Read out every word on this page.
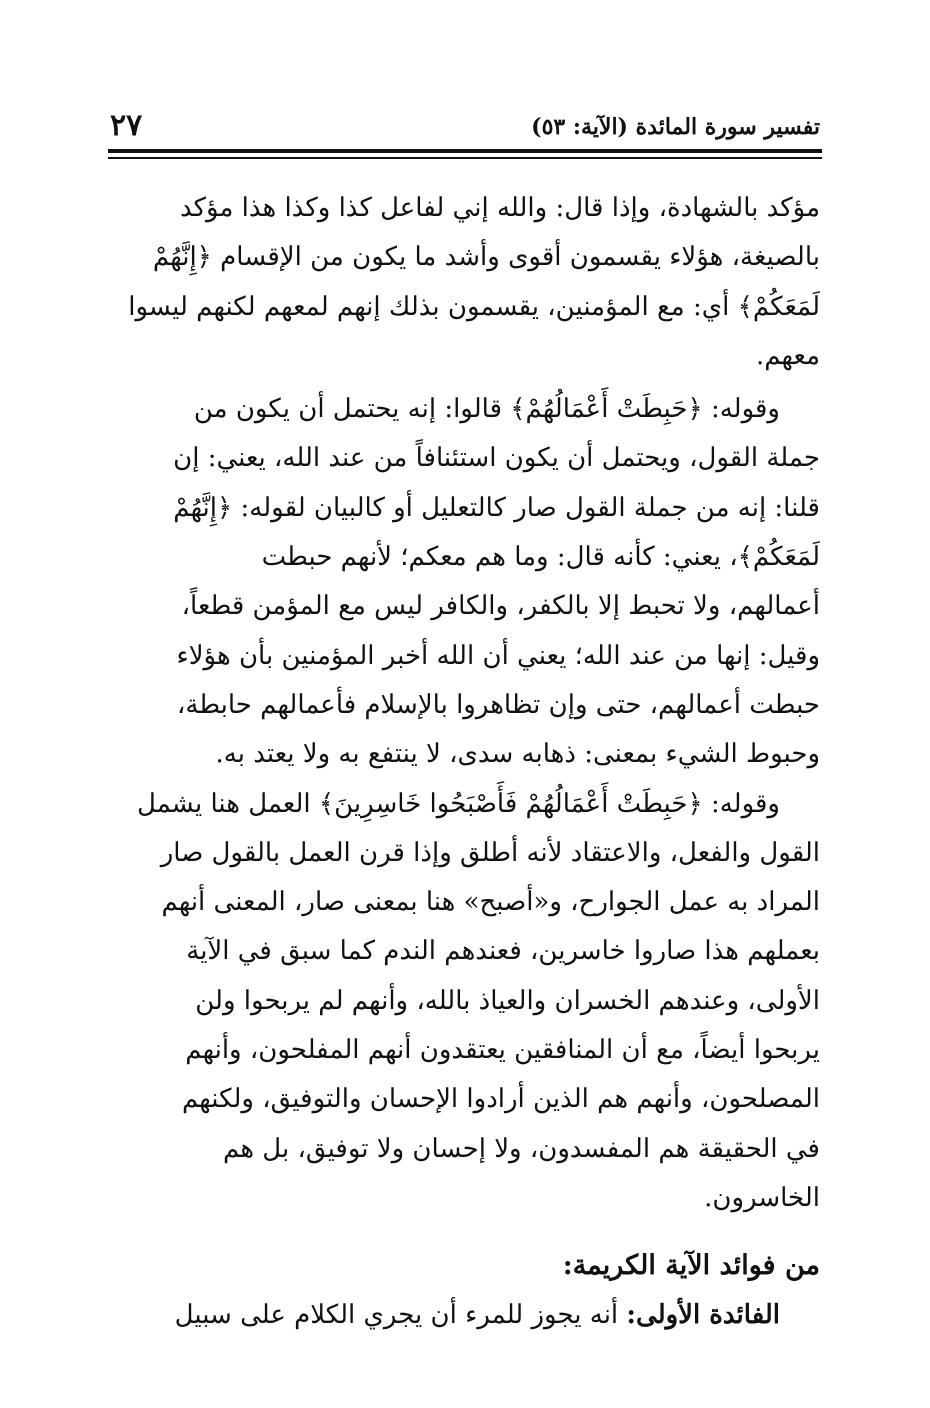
تفسير سورة المائدة (الآية: ٥٣)
٢٧

مؤكد بالشهادة، وإذا قال: والله إني لفاعل كذا وكذا هذا مؤكد
بالصيغة، هؤلاء يقسمون أقوى وأشد ما يكون من الإقسام ﴿إِنَّهُمْ
لَمَعَكُمْ﴾ أي: مع المؤمنين، يقسمون بذلك إنهم لمعهم لكنهم ليسوا
معهم.

وقوله: ﴿حَبِطَتْ أَعْمَالُهُمْ﴾ قالوا: إنه يحتمل أن يكون من
جملة القول، ويحتمل أن يكون استئنافاً من عند الله، يعني: إن
قلنا: إنه من جملة القول صار كالتعليل أو كالبيان لقوله: ﴿إِنَّهُمْ
لَمَعَكُمْ﴾، يعني: كأنه قال: وما هم معكم؛ لأنهم حبطت
أعمالهم، ولا تحبط إلا بالكفر، والكافر ليس مع المؤمن قطعاً،
وقيل: إنها من عند الله؛ يعني أن الله أخبر المؤمنين بأن هؤلاء
حبطت أعمالهم، حتى وإن تظاهروا بالإسلام فأعمالهم حابطة،
وحبوط الشيء بمعنى: ذهابه سدى، لا ينتفع به ولا يعتد به.

وقوله: ﴿حَبِطَتْ أَعْمَالُهُمْ فَأَصْبَحُوا خَاسِرِينَ﴾ العمل هنا يشمل
القول والفعل، والاعتقاد لأنه أطلق وإذا قرن العمل بالقول صار
المراد به عمل الجوارح، و«أصبح» هنا بمعنى صار، المعنى أنهم
بعملهم هذا صاروا خاسرين، فعندهم الندم كما سبق في الآية
الأولى، وعندهم الخسران والعياذ بالله، وأنهم لم يربحوا ولن
يربحوا أيضاً، مع أن المنافقين يعتقدون أنهم المفلحون، وأنهم
المصلحون، وأنهم هم الذين أرادوا الإحسان والتوفيق، ولكنهم
في الحقيقة هم المفسدون، ولا إحسان ولا توفيق، بل هم
الخاسرون.

من فوائد الآية الكريمة:

الفائدة الأولى: أنه يجوز للمرء أن يجري الكلام على سبيل
